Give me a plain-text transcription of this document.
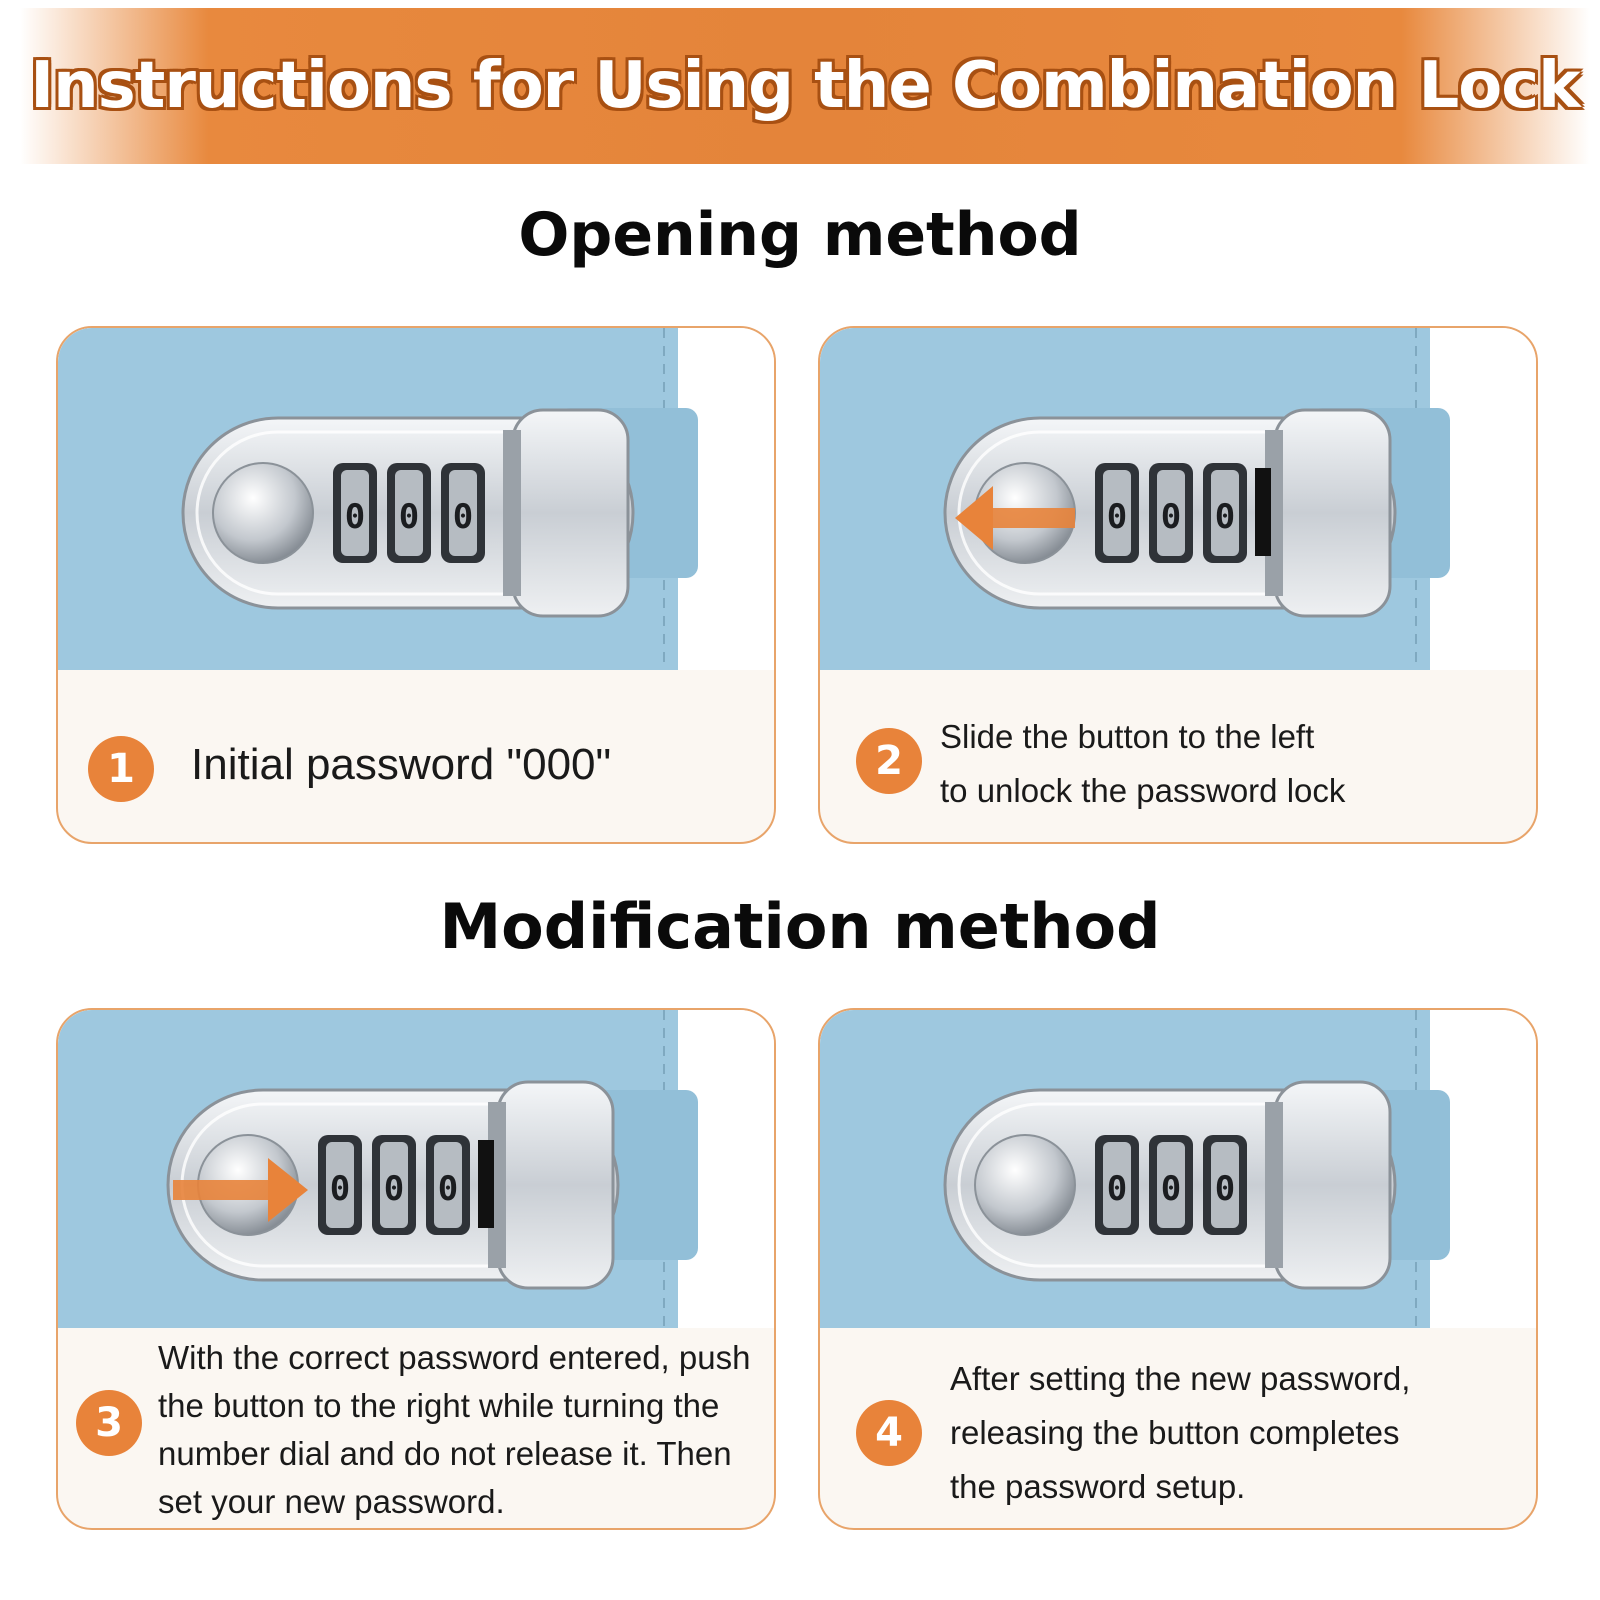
Instructions for Using the Combination Lock
Opening method
Modification method
0 0 0
1	Initial password "000"
0 0 0
2
Slide the button to the left
to unlock the password lock
0 0 0
3
With the correct password entered, push
the button to the right while turning the
number dial and do not release it. Then
set your new password.
0 0 0
4
After setting the new password,
releasing the button completes
the password setup.
